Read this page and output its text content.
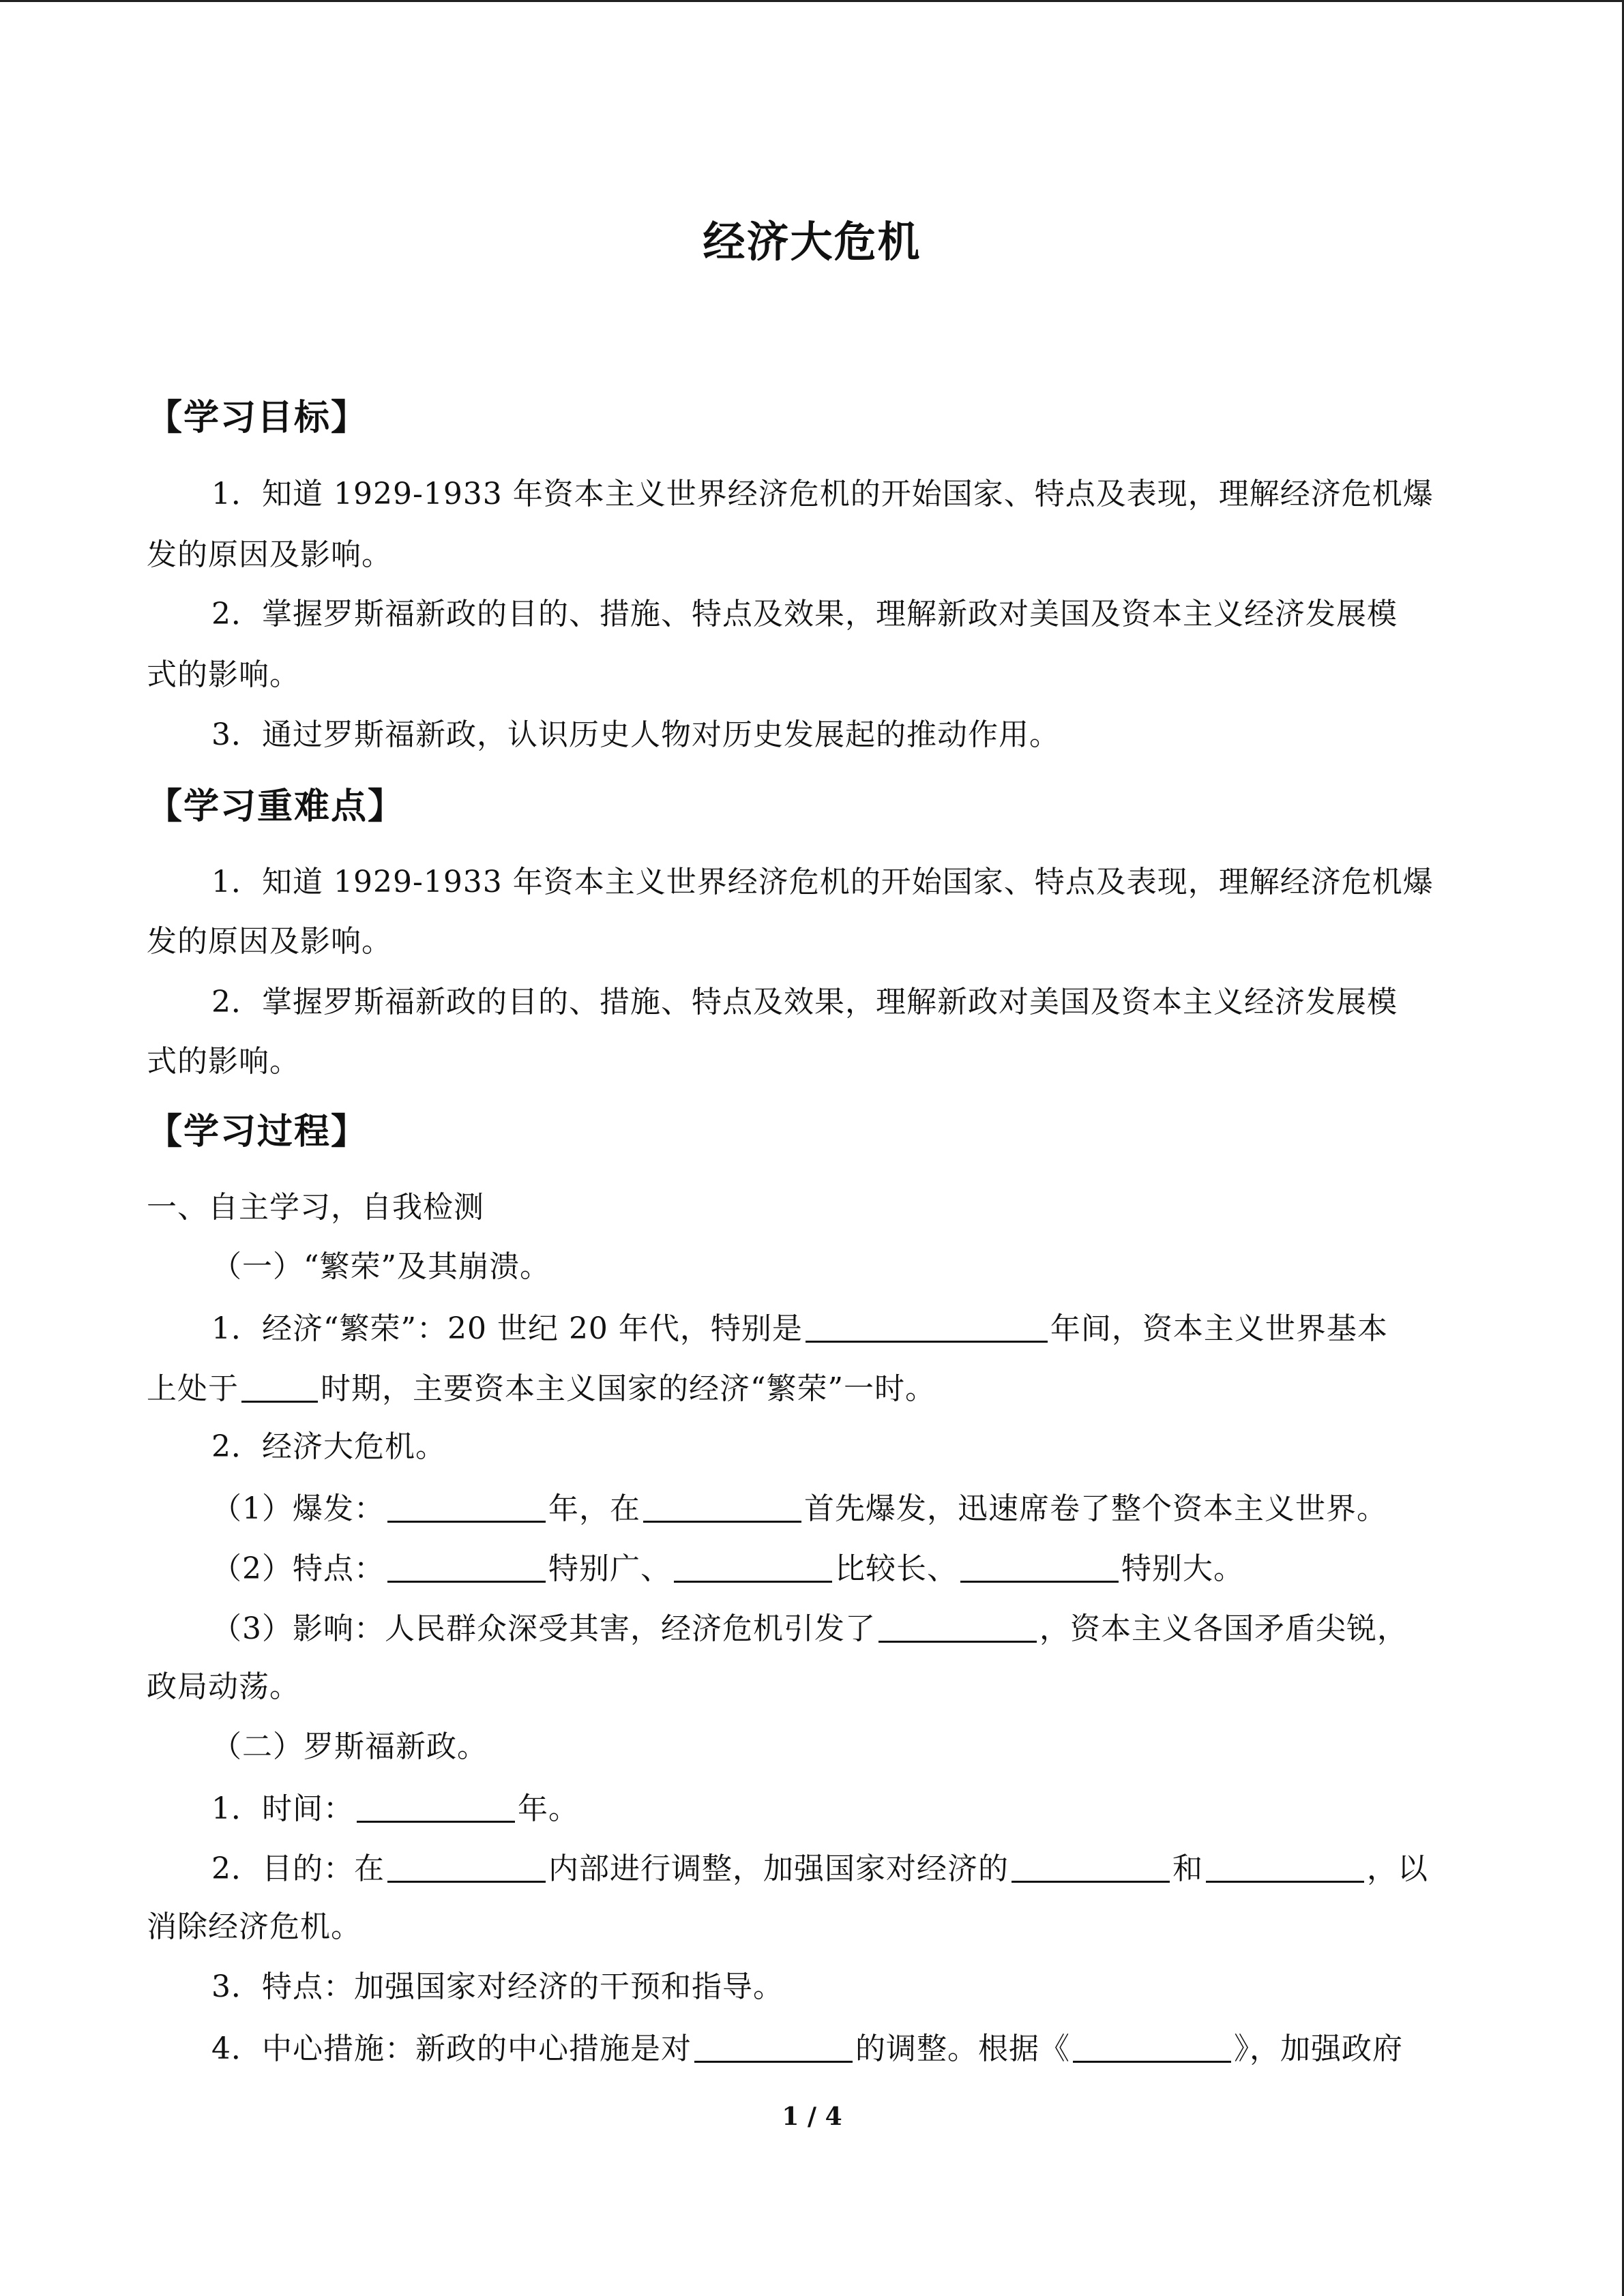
经济大危机
【学习目标】
1．知道 1929-1933 年资本主义世界经济危机的开始国家、特点及表现，理解经济危机爆
发的原因及影响。
2．掌握罗斯福新政的目的、措施、特点及效果，理解新政对美国及资本主义经济发展模
式的影响。
3．通过罗斯福新政，认识历史人物对历史发展起的推动作用。
【学习重难点】
1．知道 1929-1933 年资本主义世界经济危机的开始国家、特点及表现，理解经济危机爆
发的原因及影响。
2．掌握罗斯福新政的目的、措施、特点及效果，理解新政对美国及资本主义经济发展模
式的影响。
【学习过程】
一、自主学习，自我检测
（一）“繁荣”及其崩溃。
1．经济“繁荣”：20 世纪 20 年代，特别是	年间，资本主义世界基本
上处于	时期，主要资本主义国家的经济“繁荣”一时。
2．经济大危机。
（1）爆发：	年，在	首先爆发，迅速席卷了整个资本主义世界。
（2）特点：	特别广、	比较长、	特别大。
（3）影响：人民群众深受其害，经济危机引发了	，资本主义各国矛盾尖锐，
政局动荡。
（二）罗斯福新政。
1．时间：	年。
2．目的：在	内部进行调整，加强国家对经济的	和	，以
消除经济危机。
3．特点：加强国家对经济的干预和指导。
4．中心措施：新政的中心措施是对	的调整。根据《	》，加强政府
1 / 4
